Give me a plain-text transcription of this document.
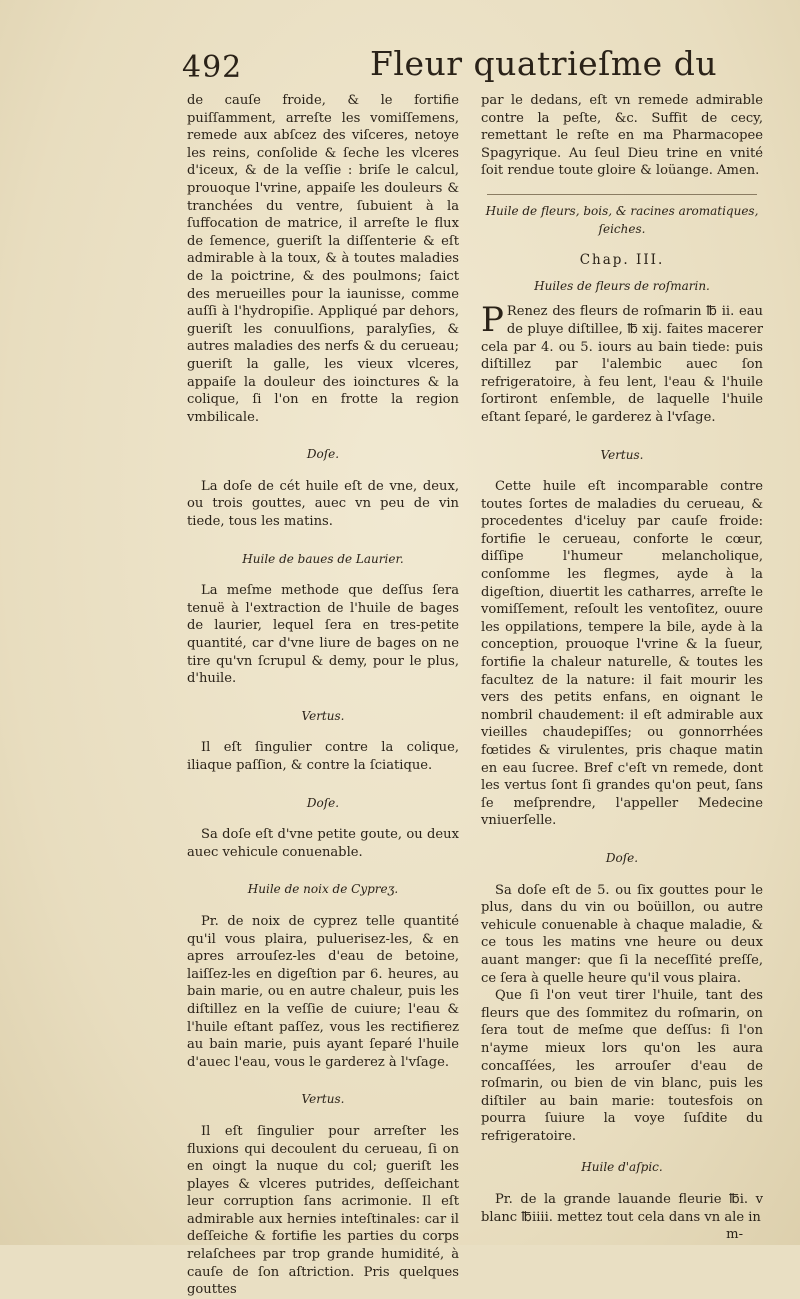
492	Fleur quatrieſme du

de cauſe froide, & le fortifie puiſſamment, arreſte les vomiſſemens, remede aux abſcez des viſceres, netoye les reins, conſolide & ſeche les vlceres d'iceux, & de la veſſie : briſe le calcul, prouoque l'vrine, appaiſe les douleurs & tranchées du ventre, ſubuient à la ſuffocation de matrice, il arreſte le flux de ſemence, gueriſt la diſſenterie & eſt admirable à la toux, & à toutes maladies de la poictrine, & des poulmons; ſaict des merueilles pour la iaunisse, comme auſſi à l'hydropiſie. Appliqué par dehors, gueriſt les conuulſions, paralyſies, & autres maladies des nerfs & du cerueau; gueriſt la galle, les vieux vlceres, appaiſe la douleur des ioinctures & la colique, ſi l'on en frotte la region vmbilicale.

Doſe.

La doſe de cét huile eſt de vne, deux, ou trois gouttes, auec vn peu de vin tiede, tous les matins.

Huile de baues de Laurier.

La meſme methode que deſſus ſera tenuë à l'extraction de l'huile de bages de laurier, lequel ſera en tres-petite quantité, car d'vne liure de bages on ne tire qu'vn ſcrupul & demy, pour le plus, d'huile.

Vertus.

Il eſt ſingulier contre la colique, iliaque paſſion, & contre la ſciatique.

Doſe.

Sa doſe eſt d'vne petite goute, ou deux auec vehicule conuenable.

Huile de noix de Cypreʒ.

Pr. de noix de cyprez telle quantité qu'il vous plaira, puluerisez-les, & en apres arrouſez-les d'eau de betoine, laiſſez-les en digeſtion par 6. heures, au bain marie, ou en autre chaleur, puis les diſtillez en la veſſie de cuiure; l'eau & l'huile eſtant paſſez, vous les rectifierez au bain marie, puis ayant ſeparé l'huile d'auec l'eau, vous le garderez à l'vſage.

Vertus.

Il eſt ſingulier pour arreſter les fluxions qui decoulent du cerueau, ſi on en oingt la nuque du col; gueriſt les playes & vlceres putrides, deſſeichant leur corruption ſans acrimonie. Il eſt admirable aux hernies inteſtinales: car il deſſeiche & fortifie les parties du corps relaſchees par trop grande humidité, à cauſe de ſon aſtriction. Pris quelques gouttes

par le dedans, eſt vn remede admirable contre la peſte, &c. Suffit de cecy, remettant le reſte en ma Pharmacopee Spagyrique. Au ſeul Dieu trine en vnité ſoit rendue toute gloire & loüange. Amen.

Huile de fleurs, bois, & racines aromatiques, ſeiches.

Chap. III.

Huiles de fleurs de roſmarin.

P Renez des fleurs de roſmarin ℔ ii. eau de pluye diſtillee, ℔ xij. faites macerer cela par 4. ou 5. iours au bain tiede: puis diſtillez par l'alembic auec ſon refrigeratoire, à feu lent, l'eau & l'huile ſortiront enſemble, de laquelle l'huile eſtant ſeparé, le garderez à l'vſage.

Vertus.

Cette huile eſt incomparable contre toutes ſortes de maladies du cerueau, & procedentes d'iceluy par cauſe froide: fortifie le cerueau, conforte le cœur, diſſipe l'humeur melancholique, conſomme les flegmes, ayde à la digeſtion, diuertit les catharres, arreſte le vomiſſement, reſoult les ventoſitez, ouure les oppilations, tempere la bile, ayde à la conception, prouoque l'vrine & la ſueur, fortifie la chaleur naturelle, & toutes les facultez de la nature: il fait mourir les vers des petits enfans, en oignant le nombril chaudement: il eſt admirable aux vieilles chaudepiſſes; ou gonnorrhées fœtides & virulentes, pris chaque matin en eau ſucree. Bref c'eſt vn remede, dont les vertus ſont ſi grandes qu'on peut, ſans ſe meſprendre, l'appeller Medecine vniuerſelle.

Doſe.

Sa doſe eſt de 5. ou ſix gouttes pour le plus, dans du vin ou boüillon, ou autre vehicule conuenable à chaque maladie, & ce tous les matins vne heure ou deux auant manger: que ſi la neceſſité preſſe, ce ſera à quelle heure qu'il vous plaira.

Que ſi l'on veut tirer l'huile, tant des fleurs que des ſommitez du roſmarin, on ſera tout de meſme que deſſus: ſi l'on n'ayme mieux lors qu'on les aura concaſſées, les arrouſer d'eau de roſmarin, ou bien de vin blanc, puis les diſtiler au bain marie: toutesfois on pourra ſuiure la voye ſuſdite du refrigeratoire.

Huile d'aſpic.

Pr. de la grande lauande fleurie ℔i. v blanc ℔iiii. mettez tout cela dans vn ale in

m-
